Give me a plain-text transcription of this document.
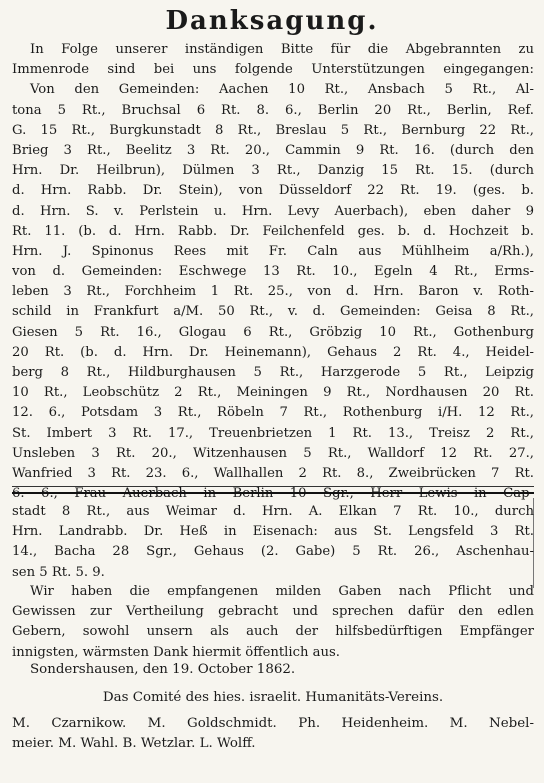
Danksagung.
In Folge unserer inständigen Bitte für die Abgebrannten zu
Immenrode sind bei uns folgende Unterstützungen eingegangen:
Von den Gemeinden: Aachen 10 Rt., Ansbach 5 Rt., Al-
tona 5 Rt., Bruchsal 6 Rt. 8. 6., Berlin 20 Rt., Berlin, Ref.
G. 15 Rt., Burgkunstadt 8 Rt., Breslau 5 Rt., Bernburg 22 Rt.,
Brieg 3 Rt., Beelitz 3 Rt. 20., Cammin 9 Rt. 16. (durch den
Hrn. Dr. Heilbrun), Dülmen 3 Rt., Danzig 15 Rt. 15. (durch
d. Hrn. Rabb. Dr. Stein), von Düsseldorf 22 Rt. 19. (ges. b.
d. Hrn. S. v. Perlstein u. Hrn. Levy Auerbach), eben daher 9
Rt. 11. (b. d. Hrn. Rabb. Dr. Feilchenfeld ges. b. d. Hochzeit b.
Hrn. J. Spinonus Rees mit Fr. Caln aus Mühlheim a/Rh.),
von d. Gemeinden: Eschwege 13 Rt. 10., Egeln 4 Rt., Erms-
leben 3 Rt., Forchheim 1 Rt. 25., von d. Hrn. Baron v. Roth-
schild in Frankfurt a/M. 50 Rt., v. d. Gemeinden: Geisa 8 Rt.,
Giesen 5 Rt. 16., Glogau 6 Rt., Gröbzig 10 Rt., Gothenburg
20 Rt. (b. d. Hrn. Dr. Heinemann), Gehaus 2 Rt. 4., Heidel-
berg 8 Rt., Hildburghausen 5 Rt., Harzgerode 5 Rt., Leipzig
10 Rt., Leobschütz 2 Rt., Meiningen 9 Rt., Nordhausen 20 Rt.
12. 6., Potsdam 3 Rt., Röbeln 7 Rt., Rothenburg i/H. 12 Rt.,
St. Imbert 3 Rt. 17., Treuenbrietzen 1 Rt. 13., Treisz 2 Rt.,
Unsleben 3 Rt. 20., Witzenhausen 5 Rt., Walldorf 12 Rt. 27.,
Wanfried 3 Rt. 23. 6., Wallhallen 2 Rt. 8., Zweibrücken 7 Rt.
6. 6., Frau Auerbach in Berlin 10 Sgr., Herr Lewis in Cap-
stadt 8 Rt., aus Weimar d. Hrn. A. Elkan 7 Rt. 10., durch
Hrn. Landrabb. Dr. Heß in Eisenach: aus St. Lengsfeld 3 Rt.
14., Bacha 28 Sgr., Gehaus (2. Gabe) 5 Rt. 26., Aschenhau-
sen 5 Rt. 5. 9.
Wir haben die empfangenen milden Gaben nach Pflicht und
Gewissen zur Vertheilung gebracht und sprechen dafür den edlen
Gebern, sowohl unsern als auch der hilfsbedürftigen Empfänger
innigsten, wärmsten Dank hiermit öffentlich aus.
Sondershausen, den 19. October 1862.
Das Comité des hies. israelit. Humanitäts-Vereins.
M. Czarnikow. M. Goldschmidt. Ph. Heidenheim. M. Nebel-
meier. M. Wahl. B. Wetzlar. L. Wolff.
